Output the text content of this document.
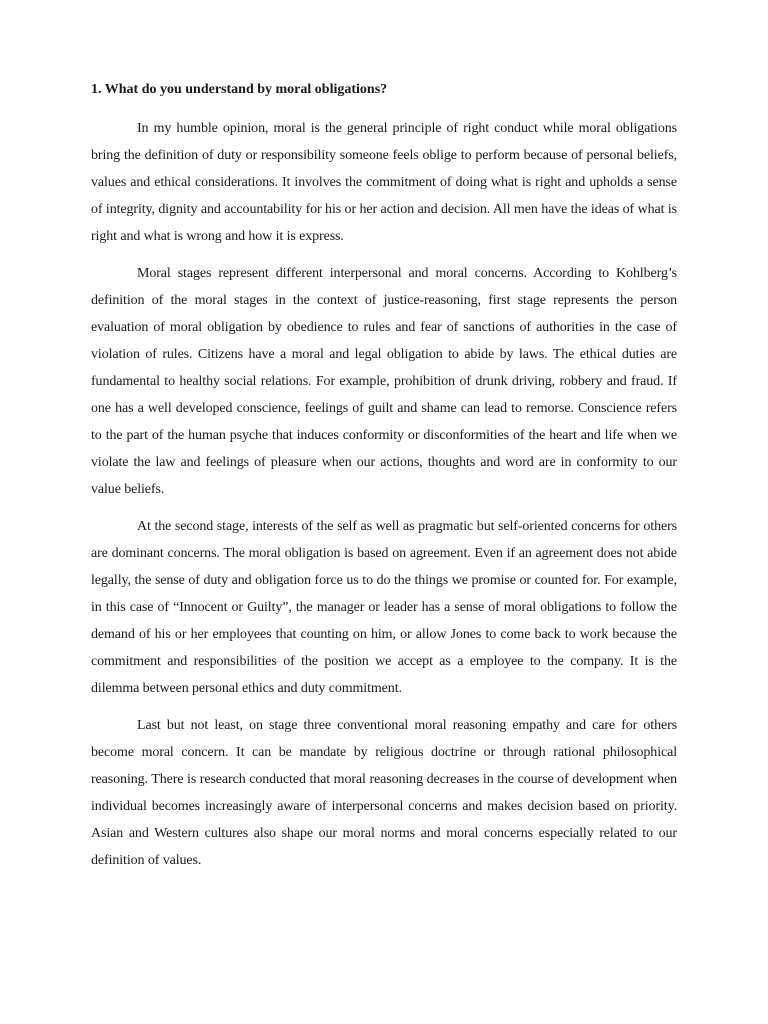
1. What do you understand by moral obligations?

In my humble opinion, moral is the general principle of right conduct while moral obligations bring the definition of duty or responsibility someone feels oblige to perform because of personal beliefs, values and ethical considerations. It involves the commitment of doing what is right and upholds a sense of integrity, dignity and accountability for his or her action and decision. All men have the ideas of what is right and what is wrong and how it is express.

Moral stages represent different interpersonal and moral concerns. According to Kohlberg’s definition of the moral stages in the context of justice-reasoning, first stage represents the person evaluation of moral obligation by obedience to rules and fear of sanctions of authorities in the case of violation of rules. Citizens have a moral and legal obligation to abide by laws. The ethical duties are fundamental to healthy social relations. For example, prohibition of drunk driving, robbery and fraud. If one has a well developed conscience, feelings of guilt and shame can lead to remorse. Conscience refers to the part of the human psyche that induces conformity or disconformities of the heart and life when we violate the law and feelings of pleasure when our actions, thoughts and word are in conformity to our value beliefs.

At the second stage, interests of the self as well as pragmatic but self-oriented concerns for others are dominant concerns. The moral obligation is based on agreement. Even if an agreement does not abide legally, the sense of duty and obligation force us to do the things we promise or counted for. For example, in this case of “Innocent or Guilty”, the manager or leader has a sense of moral obligations to follow the demand of his or her employees that counting on him, or allow Jones to come back to work because the commitment and responsibilities of the position we accept as a employee to the company. It is the dilemma between personal ethics and duty commitment.

Last but not least, on stage three conventional moral reasoning empathy and care for others become moral concern. It can be mandate by religious doctrine or through rational philosophical reasoning. There is research conducted that moral reasoning decreases in the course of development when individual becomes increasingly aware of interpersonal concerns and makes decision based on priority. Asian and Western cultures also shape our moral norms and moral concerns especially related to our definition of values.
